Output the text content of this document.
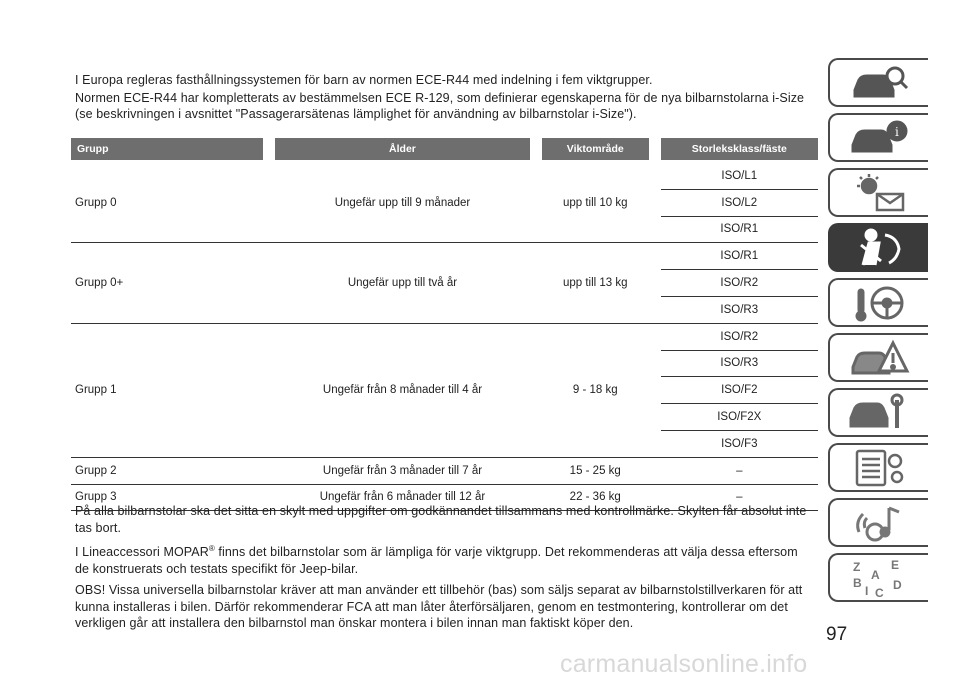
I Europa regleras fasthållningssystemen för barn av normen ECE-R44 med indelning i fem viktgrupper.

Normen ECE-R44 har kompletterats av bestämmelsen ECE R-129, som definierar egenskaperna för de nya bilbarnstolarna i-Size (se beskrivningen i avsnittet "Passagerarsätenas lämplighet för användning av bilbarnstolar i-Size").

Grupp		Ålder		Viktområde		Storleksklass/fäste

Grupp 0		Ungefär upp till 9 månader		upp till 10 kg		ISO/L1
						ISO/L2
						ISO/R1
Grupp 0+		Ungefär upp till två år		upp till 13 kg		ISO/R1
						ISO/R2
						ISO/R3
Grupp 1		Ungefär från 8 månader till 4 år		9 - 18 kg		ISO/R2
						ISO/R3
						ISO/F2
						ISO/F2X
						ISO/F3
Grupp 2		Ungefär från 3 månader till 7 år		15 - 25 kg		–
Grupp 3		Ungefär från 6 månader till 12 år		22 - 36 kg		–

På alla bilbarnstolar ska det sitta en skylt med uppgifter om godkännandet tillsammans med kontrollmärke. Skylten får absolut inte tas bort.

I Lineaccessori MOPAR® finns det bilbarnstolar som är lämpliga för varje viktgrupp. Det rekommenderas att välja dessa eftersom de konstruerats och testats specifikt för Jeep-bilar.

OBS! Vissa universella bilbarnstolar kräver att man använder ett tillbehör (bas) som säljs separat av bilbarnstolstillverkaren för att kunna installeras i bilen. Därför rekommenderar FCA att man låter återförsäljaren, genom en testmontering, kontrollerar om det verkligen går att installera den bilbarnstol man önskar montera i bilen innan man faktiskt köper den.

97
carmanualsonline.info
i
Z	E
A
B	D
I C
